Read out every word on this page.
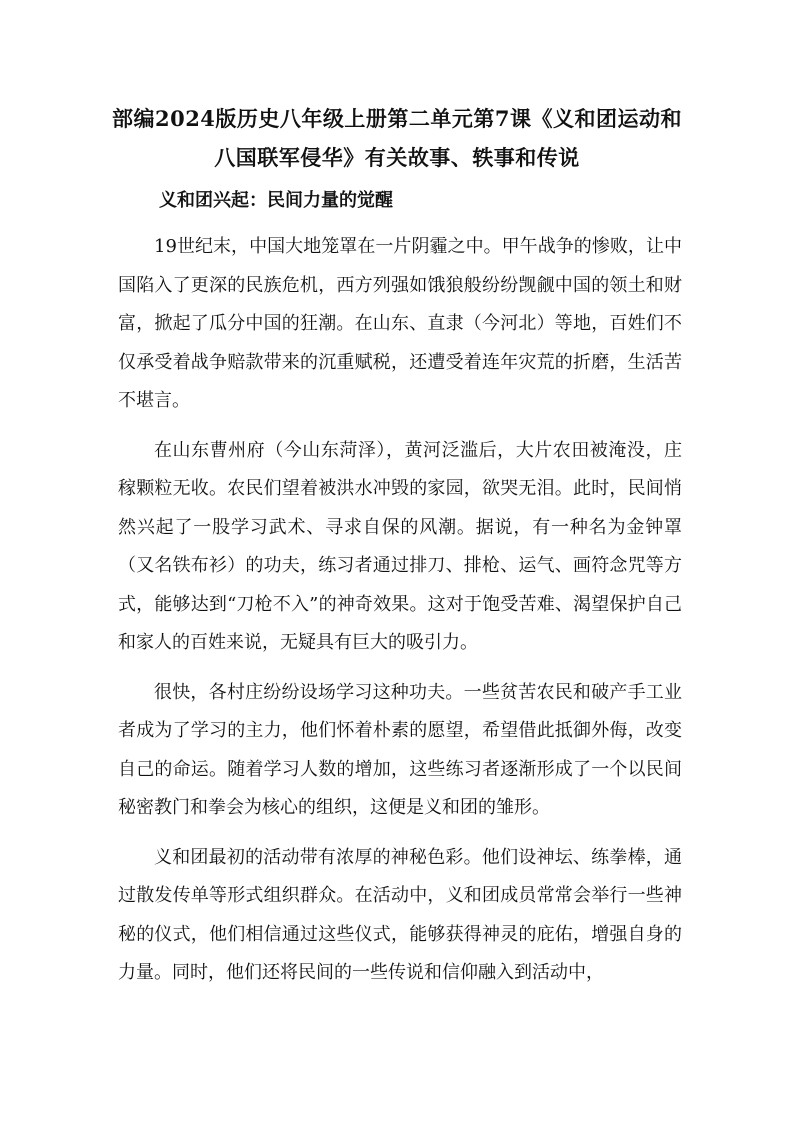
部编2024版历史八年级上册第二单元第7课《义和团运动和
八国联军侵华》有关故事、轶事和传说
义和团兴起：民间力量的觉醒

19世纪末，中国大地笼罩在一片阴霾之中。甲午战争的惨败，让中国陷入了更深的民族危机，西方列强如饿狼般纷纷觊觎中国的领土和财富，掀起了瓜分中国的狂潮。在山东、直隶（今河北）等地，百姓们不仅承受着战争赔款带来的沉重赋税，还遭受着连年灾荒的折磨，生活苦不堪言。

在山东曹州府（今山东菏泽），黄河泛滥后，大片农田被淹没，庄稼颗粒无收。农民们望着被洪水冲毁的家园，欲哭无泪。此时，民间悄然兴起了一股学习武术、寻求自保的风潮。据说，有一种名为金钟罩（又名铁布衫）的功夫，练习者通过排刀、排枪、运气、画符念咒等方式，能够达到“刀枪不入”的神奇效果。这对于饱受苦难、渴望保护自己和家人的百姓来说，无疑具有巨大的吸引力。

很快，各村庄纷纷设场学习这种功夫。一些贫苦农民和破产手工业者成为了学习的主力，他们怀着朴素的愿望，希望借此抵御外侮，改变自己的命运。随着学习人数的增加，这些练习者逐渐形成了一个以民间秘密教门和拳会为核心的组织，这便是义和团的雏形。

义和团最初的活动带有浓厚的神秘色彩。他们设神坛、练拳棒，通过散发传单等形式组织群众。在活动中，义和团成员常常会举行一些神秘的仪式，他们相信通过这些仪式，能够获得神灵的庇佑，增强自身的力量。同时，他们还将民间的一些传说和信仰融入到活动中，
